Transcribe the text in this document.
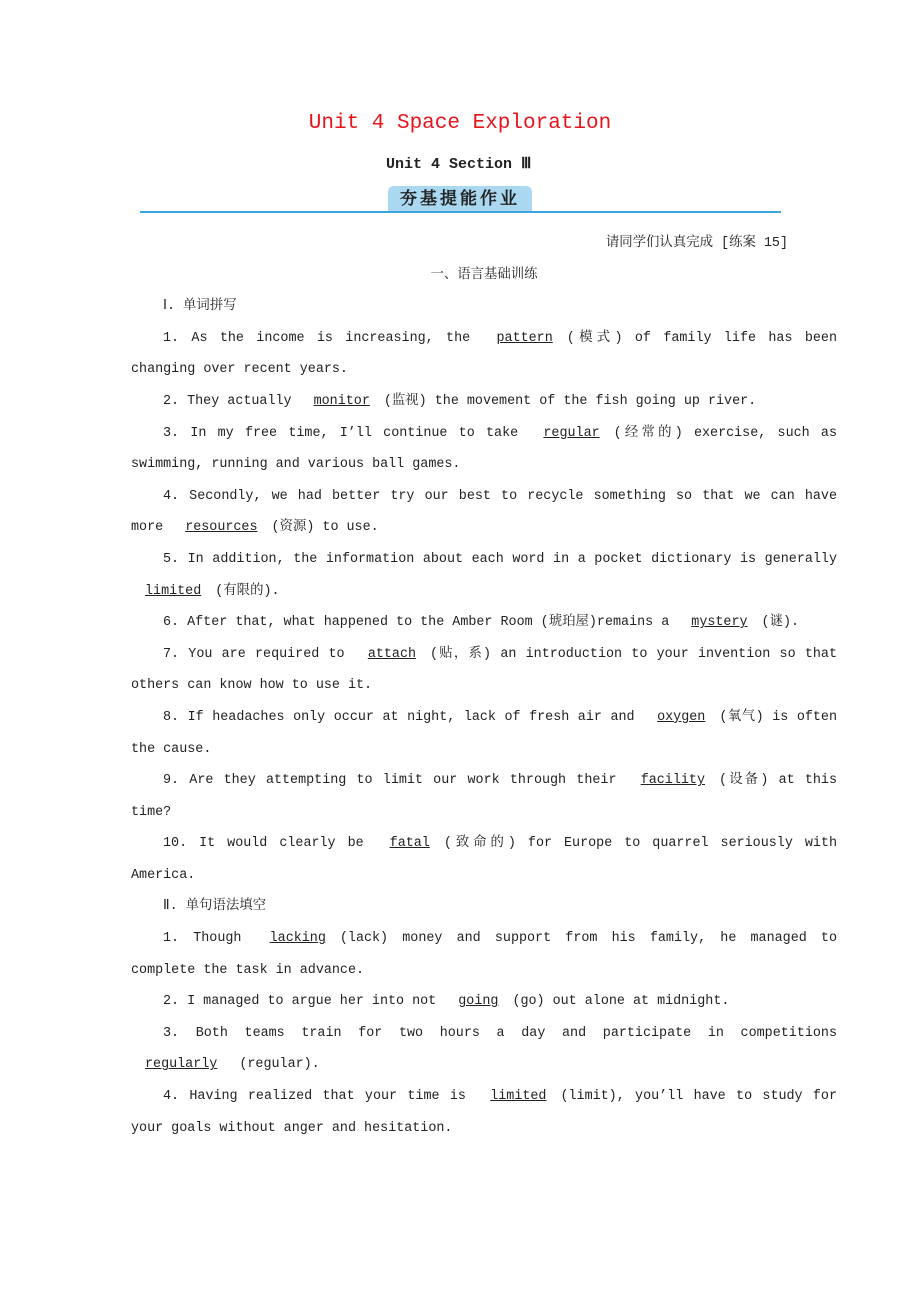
Unit 4 Space Exploration
Unit 4 Section Ⅲ
夯基提能作业
请同学们认真完成 [练案 15]
一、语言基础训练
Ⅰ. 单词拼写

1. As the income is increasing, the pattern (模式) of family life has been changing over recent years.

2. They actually monitor (监视) the movement of the fish going up river.

3. In my free time, I’ll continue to take regular (经常的) exercise, such as swimming, running and various ball games.

4. Secondly, we had better try our best to recycle something so that we can have more resources (资源) to use.

5. In addition, the information about each word in a pocket dictionary is generally limited (有限的).

6. After that, what happened to the Amber Room (琥珀屋)remains a mystery (谜).

7. You are required to attach (贴，系) an introduction to your invention so that others can know how to use it.

8. If headaches only occur at night, lack of fresh air and oxygen (氧气) is often the cause.

9. Are they attempting to limit our work through their facility (设备) at this time?

10. It would clearly be fatal (致命的) for Europe to quarrel seriously with America.

Ⅱ. 单句语法填空

1. Though lacking (lack) money and support from his family, he managed to complete the task in advance.

2. I managed to argue her into not going (go) out alone at midnight.

3. Both teams train for two hours a day and participate in competitions regularly (regular).

4. Having realized that your time is limited (limit), you’ll have to study for your goals without anger and hesitation.
